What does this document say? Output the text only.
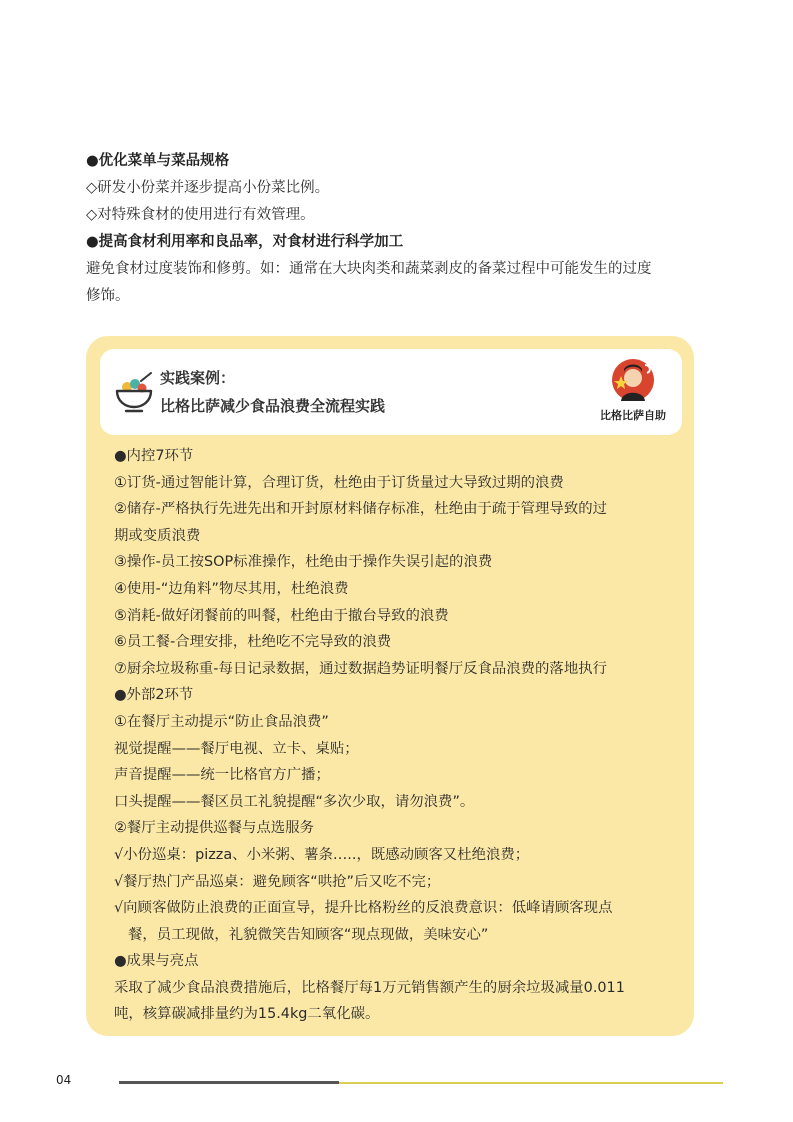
●优化菜单与菜品规格

◇研发小份菜并逐步提高小份菜比例。

◇对特殊食材的使用进行有效管理。

●提高食材利用率和良品率，对食材进行科学加工

避免食材过度装饰和修剪。如：通常在大块肉类和蔬菜剥皮的备菜过程中可能发生的过度

修饰。

实践案例：
比格比萨减少食品浪费全流程实践
比格比萨自助

●内控7环节

①订货-通过智能计算，合理订货，杜绝由于订货量过大导致过期的浪费

②储存-严格执行先进先出和开封原材料储存标准，杜绝由于疏于管理导致的过

期或变质浪费

③操作-员工按SOP标准操作，杜绝由于操作失误引起的浪费

④使用-“边角料”物尽其用，杜绝浪费

⑤消耗-做好闭餐前的叫餐，杜绝由于撤台导致的浪费

⑥员工餐-合理安排，杜绝吃不完导致的浪费

⑦厨余垃圾称重-每日记录数据，通过数据趋势证明餐厅反食品浪费的落地执行

●外部2环节

①在餐厅主动提示“防止食品浪费”

视觉提醒——餐厅电视、立卡、桌贴；

声音提醒——统一比格官方广播；

口头提醒——餐区员工礼貌提醒“多次少取，请勿浪费”。

②餐厅主动提供巡餐与点选服务

√小份巡桌：pizza、小米粥、薯条…..，既感动顾客又杜绝浪费；

√餐厅热门产品巡桌：避免顾客“哄抢”后又吃不完；

√向顾客做防止浪费的正面宣导，提升比格粉丝的反浪费意识：低峰请顾客现点

餐，员工现做，礼貌微笑告知顾客“现点现做，美味安心”

●成果与亮点

采取了减少食品浪费措施后，比格餐厅每1万元销售额产生的厨余垃圾减量0.011

吨，核算碳减排量约为15.4kg二氧化碳。

04
